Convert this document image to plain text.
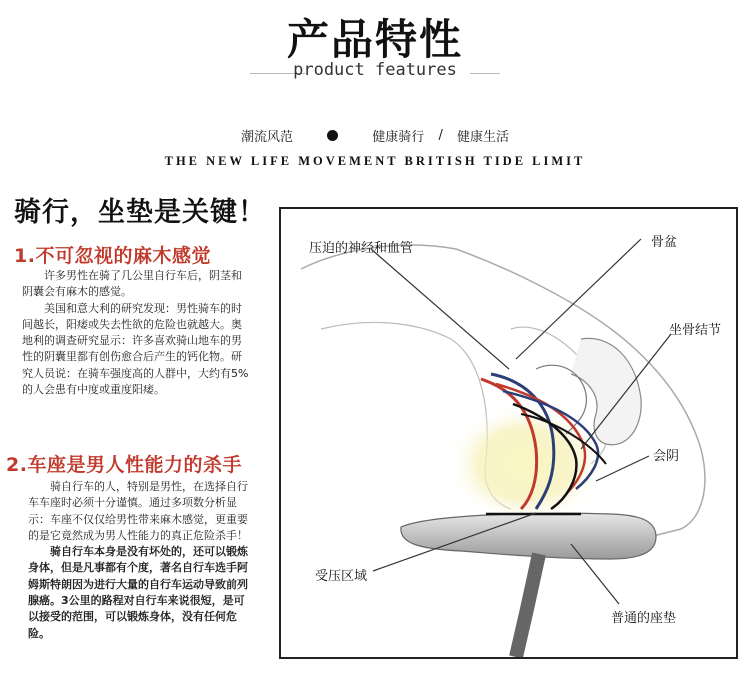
产品特性
product features
潮流风范	健康骑行 / 健康生活
THE NEW LIFE MOVEMENT BRITISH TIDE LIMIT
骑行，坐垫是关键！
1.不可忽视的麻木感觉

许多男性在骑了几公里自行车后，阴茎和阴囊会有麻木的感觉。

美国和意大利的研究发现：男性骑车的时间越长，阳痿或失去性欲的危险也就越大。奥地利的调查研究显示：许多喜欢骑山地车的男性的阴囊里都有创伤愈合后产生的钙化物。研究人员说：在骑车强度高的人群中，大约有5%的人会患有中度或重度阳痿。

2.车座是男人性能力的杀手

骑自行车的人，特别是男性，在选择自行车车座时必须十分谨慎。通过多项数分析显示：车座不仅仅给男性带来麻木感觉，更重要的是它竟然成为男人性能力的真正危险杀手！

骑自行车本身是没有坏处的，还可以锻炼身体，但是凡事都有个度，著名自行车选手阿姆斯特朗因为进行大量的自行车运动导致前列腺癌。3公里的路程对自行车来说很短，是可以接受的范围，可以锻炼身体，没有任何危险。

压迫的神经和血管	骨盆
坐骨结节
会阴
受压区域
普通的座垫
